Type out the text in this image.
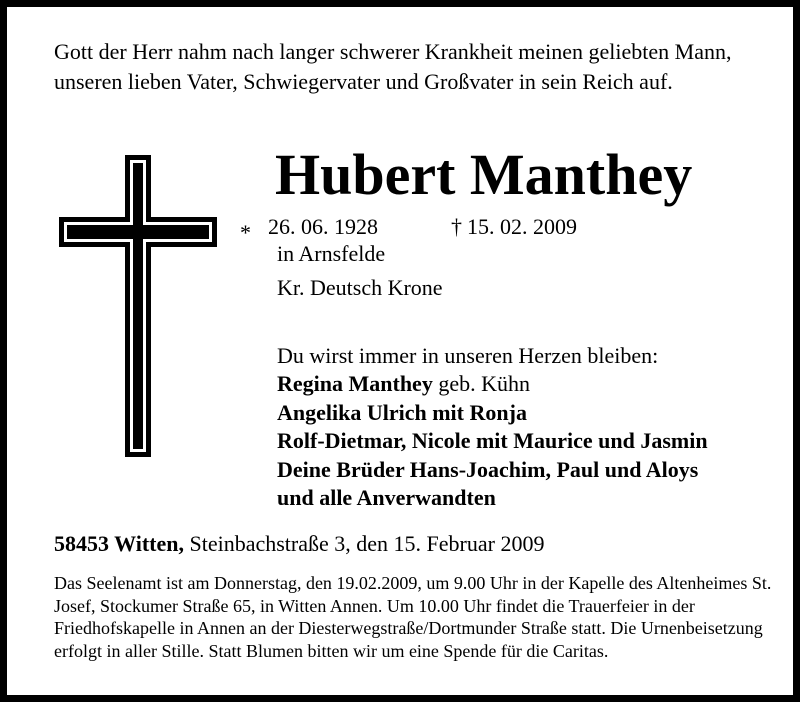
Gott der Herr nahm nach langer schwerer Krankheit meinen geliebten Mann, unseren lieben Vater, Schwiegervater und Großvater in sein Reich auf.
Hubert Manthey
* 26. 06. 1928	† 15. 02. 2009
in Arnsfelde
Kr. Deutsch Krone
Du wirst immer in unseren Herzen bleiben:
Regina Manthey geb. Kühn
Angelika Ulrich mit Ronja
Rolf-Dietmar, Nicole mit Maurice und Jasmin
Deine Brüder Hans-Joachim, Paul und Aloys
und alle Anverwandten
58453 Witten, Steinbachstraße 3, den 15. Februar 2009
Das Seelenamt ist am Donnerstag, den 19.02.2009, um 9.00 Uhr in der Kapelle des Altenheimes St. Josef, Stockumer Straße 65, in Witten Annen. Um 10.00 Uhr findet die Trauerfeier in der Friedhofskapelle in Annen an der Diesterwegstraße/Dortmunder Straße statt. Die Urnenbeisetzung erfolgt in aller Stille. Statt Blumen bitten wir um eine Spende für die Caritas.
